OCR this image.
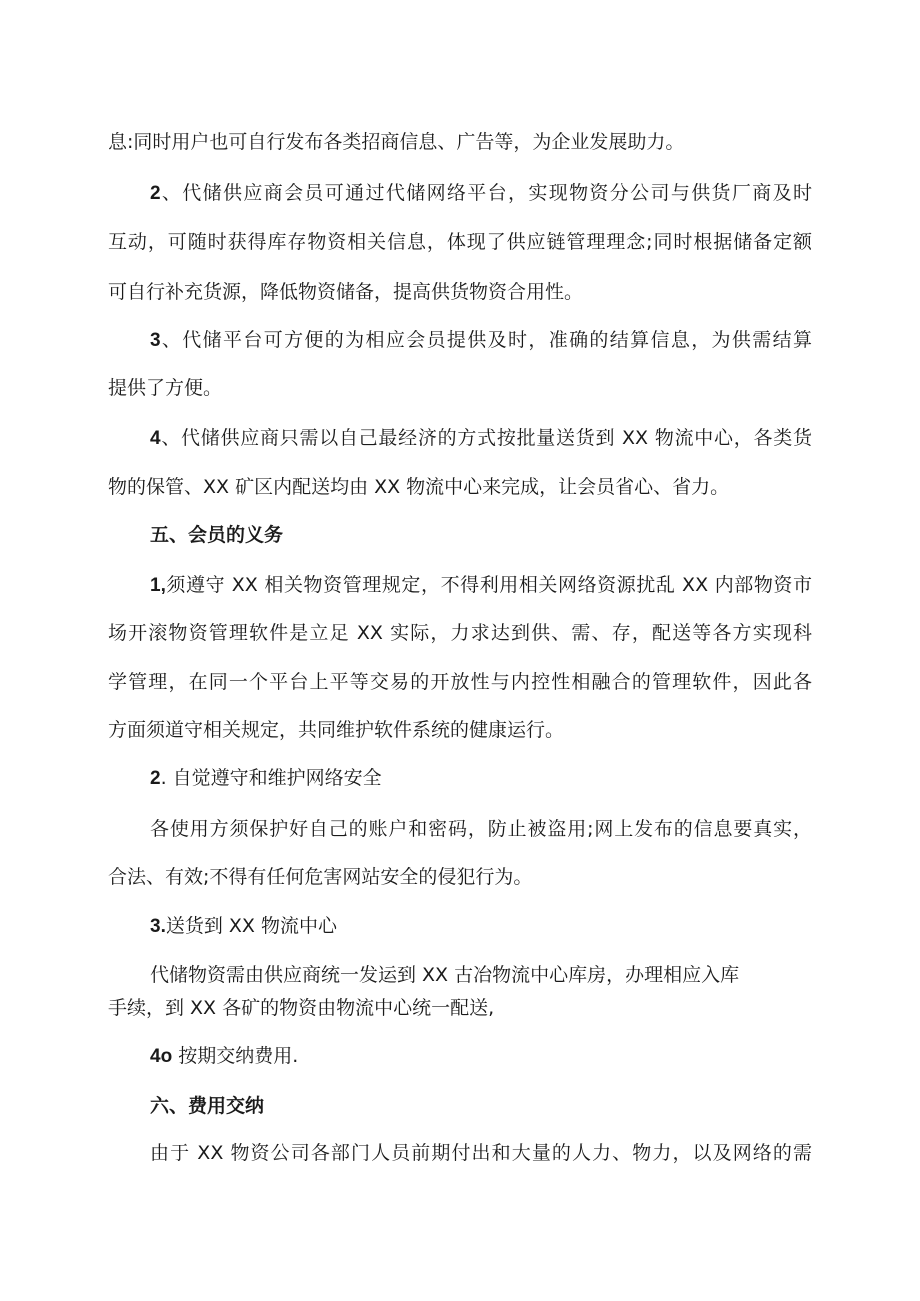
息:同时用户也可自行发布各类招商信息、广告等，为企业发展助力。
2、代储供应商会员可通过代储网络平台，实现物资分公司与供货厂商及时
互动，可随时获得库存物资相关信息，体现了供应链管理理念;同时根据储备定额
可自行补充货源，降低物资储备，提高供货物资合用性。
3、代储平台可方便的为相应会员提供及时，准确的结算信息，为供需结算
提供了方便。
4、代储供应商只需以自己最经济的方式按批量送货到 XX 物流中心，各类货
物的保管、XX 矿区内配送均由 XX 物流中心来完成，让会员省心、省力。
五、会员的义务
1,须遵守 XX 相关物资管理规定，不得利用相关网络资源扰乱 XX 内部物资市
场开滚物资管理软件是立足 XX 实际，力求达到供、需、存，配送等各方实现科
学管理，在同一个平台上平等交易的开放性与内控性相融合的管理软件，因此各
方面须道守相关规定，共同维护软件系统的健康运行。
2. 自觉遵守和维护网络安全
各使用方须保护好自己的账户和密码，防止被盗用;网上发布的信息要真实，
合法、有效;不得有任何危害网站安全的侵犯行为。
3.送货到 XX 物流中心
代储物资需由供应商统一发运到 XX 古冶物流中心库房，办理相应入库
手续，到 XX 各矿的物资由物流中心统一配送,
4o 按期交纳费用.
六、费用交纳
由于 XX 物资公司各部门人员前期付出和大量的人力、物力，以及网络的需
